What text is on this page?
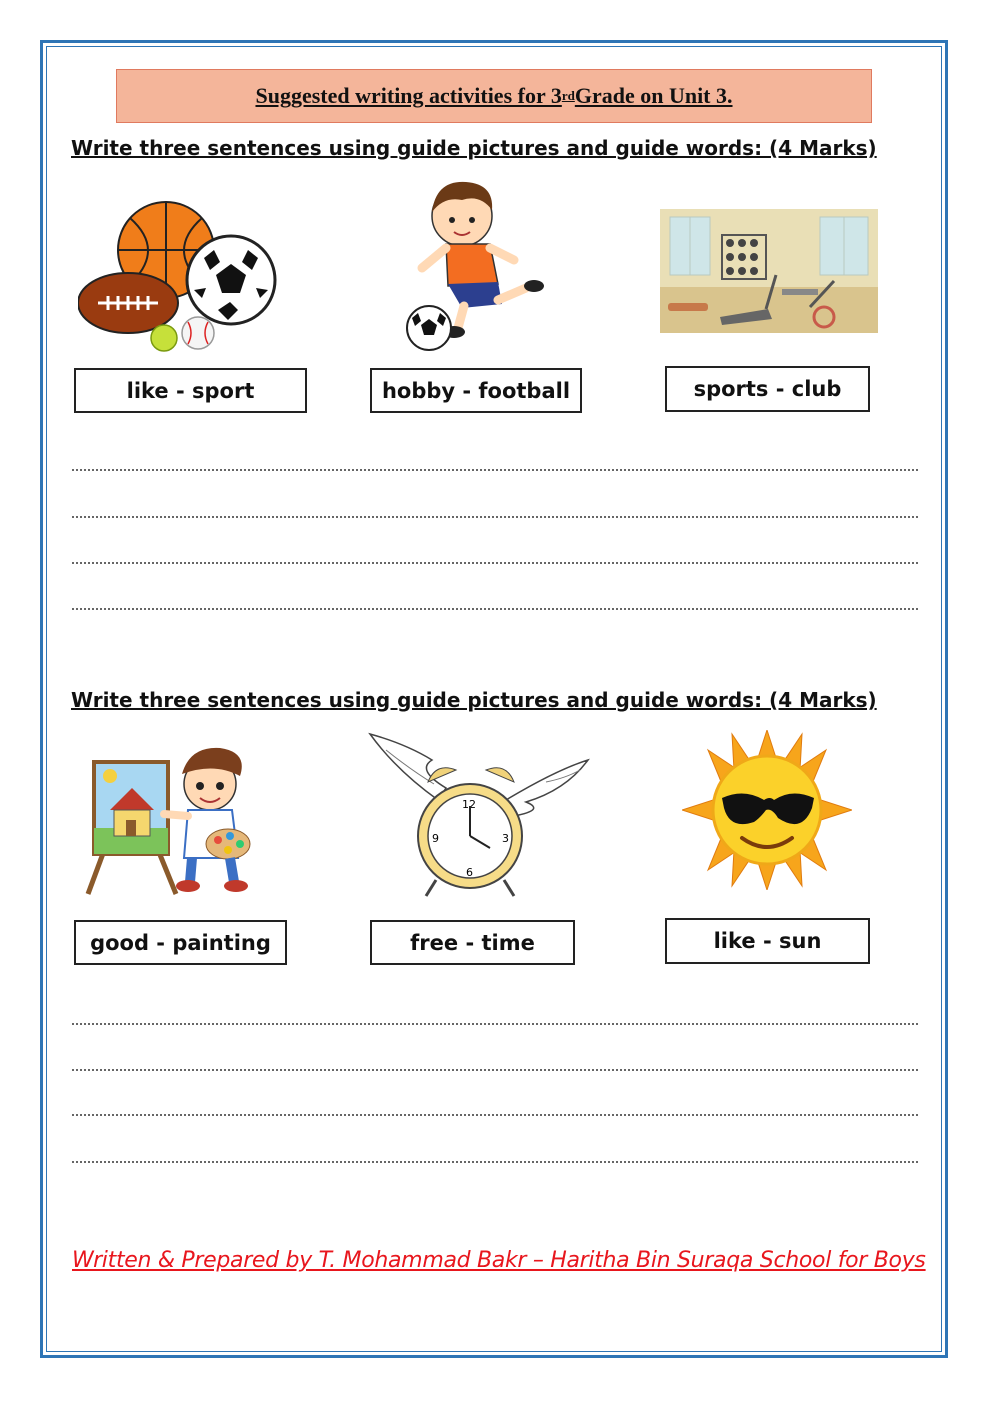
Suggested writing activities for 3 rd Grade on Unit 3.
Write three sentences using guide pictures and guide words: (4 Marks)
like - sport	hobby - football	sports - club
Write three sentences using guide pictures and guide words: (4 Marks)
12
3
6
9
good - painting	free - time	like - sun
Written & Prepared by T. Mohammad Bakr – Haritha Bin Suraqa School for Boys
